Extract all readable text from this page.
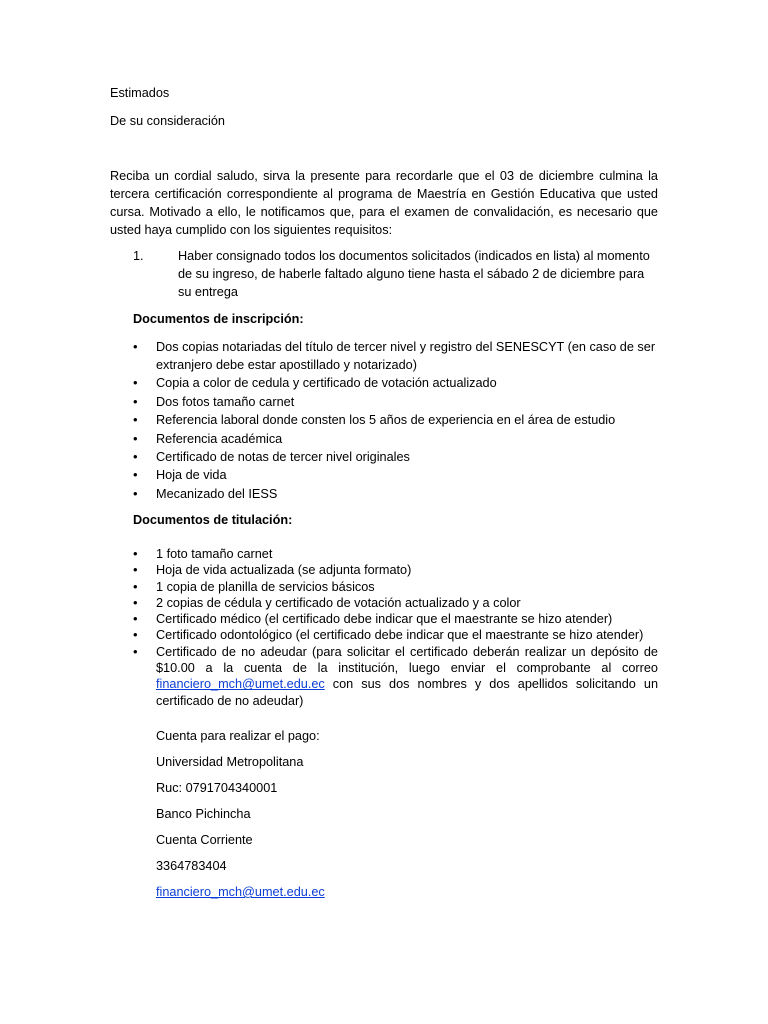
Estimados

De su consideración

Reciba un cordial saludo, sirva la presente para recordarle que el 03 de diciembre culmina la tercera certificación correspondiente al programa de Maestría en Gestión Educativa que usted cursa. Motivado a ello, le notificamos que, para el examen de convalidación, es necesario que usted haya cumplido con los siguientes requisitos:

1.	Haber consignado todos los documentos solicitados (indicados en lista) al momento de su ingreso, de haberle faltado alguno tiene hasta el sábado 2 de diciembre para su entrega

Documentos de inscripción:

• Dos copias notariadas del título de tercer nivel y registro del SENESCYT (en caso de ser extranjero debe estar apostillado y notarizado)
• Copia a color de cedula y certificado de votación actualizado
• Dos fotos tamaño carnet
• Referencia laboral donde consten los 5 años de experiencia en el área de estudio
• Referencia académica
• Certificado de notas de tercer nivel originales
• Hoja de vida
• Mecanizado del IESS

Documentos de titulación:

• 1 foto tamaño carnet
• Hoja de vida actualizada (se adjunta formato)
• 1 copia de planilla de servicios básicos
• 2 copias de cédula y certificado de votación actualizado y a color
• Certificado médico (el certificado debe indicar que el maestrante se hizo atender)
• Certificado odontológico (el certificado debe indicar que el maestrante se hizo atender)
• Certificado de no adeudar (para solicitar el certificado deberán realizar un depósito de $10.00 a la cuenta de la institución, luego enviar el comprobante al correo financiero_mch@umet.edu.ec con sus dos nombres y dos apellidos solicitando un certificado de no adeudar)

Cuenta para realizar el pago:

Universidad Metropolitana

Ruc: 0791704340001

Banco Pichincha

Cuenta Corriente

3364783404

financiero_mch@umet.edu.ec
